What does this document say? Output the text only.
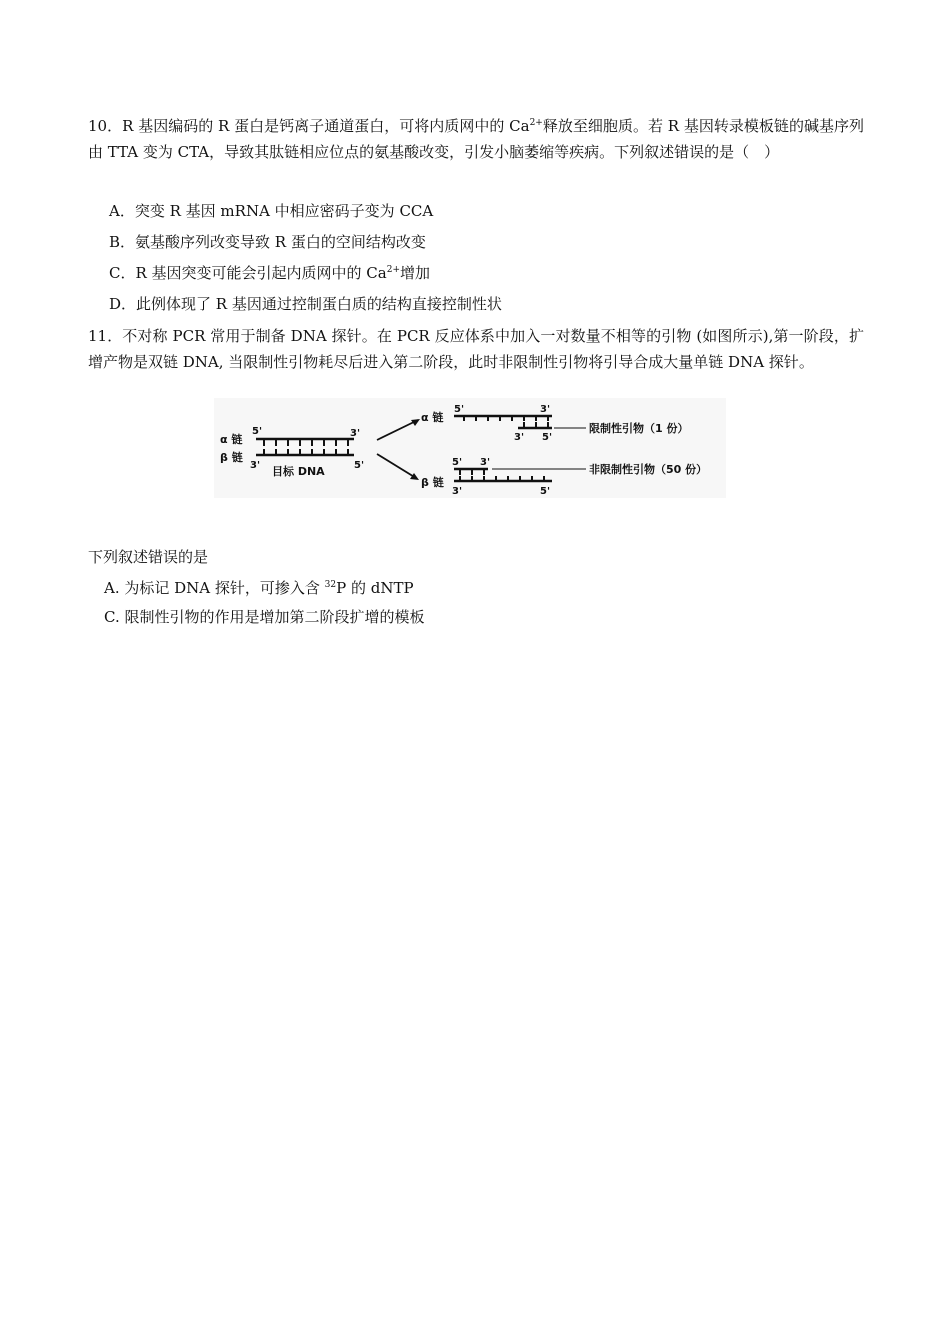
10．R 基因编码的 R 蛋白是钙离子通道蛋白，可将内质网中的 $Ca^{2+}$释放至细胞质。若 R 基因转录模板链的碱基序列由 TTA 变为 CTA，导致其肽链相应位点的氨基酸改变，引发小脑萎缩等疾病。下列叙述错误的是（　）

A．突变 R 基因 mRNA 中相应密码子变为 CCA
B．氨基酸序列改变导致 R 蛋白的空间结构改变
C．R 基因突变可能会引起内质网中的 $Ca^{2+}$增加
D．此例体现了 R 基因通过控制蛋白质的结构直接控制性状

11．不对称 PCR 常用于制备 DNA 探针。在 PCR 反应体系中加入一对数量不相等的引物 (如图所示),第一阶段，扩增产物是双链 DNA, 当限制性引物耗尽后进入第二阶段，此时非限制性引物将引导合成大量单链 DNA 探针。

α 链
β 链
5'	3'
3'	5'
目标 DNA
α 链
5'	3'
3' 5'
限制性引物（1 份）
β 链
5' 3'
非限制性引物（50 份）
3'	5'
下列叙述错误的是
A. 为标记 DNA 探针，可掺入含 $^{32}$P 的 dNTP
C. 限制性引物的作用是增加第二阶段扩增的模板
